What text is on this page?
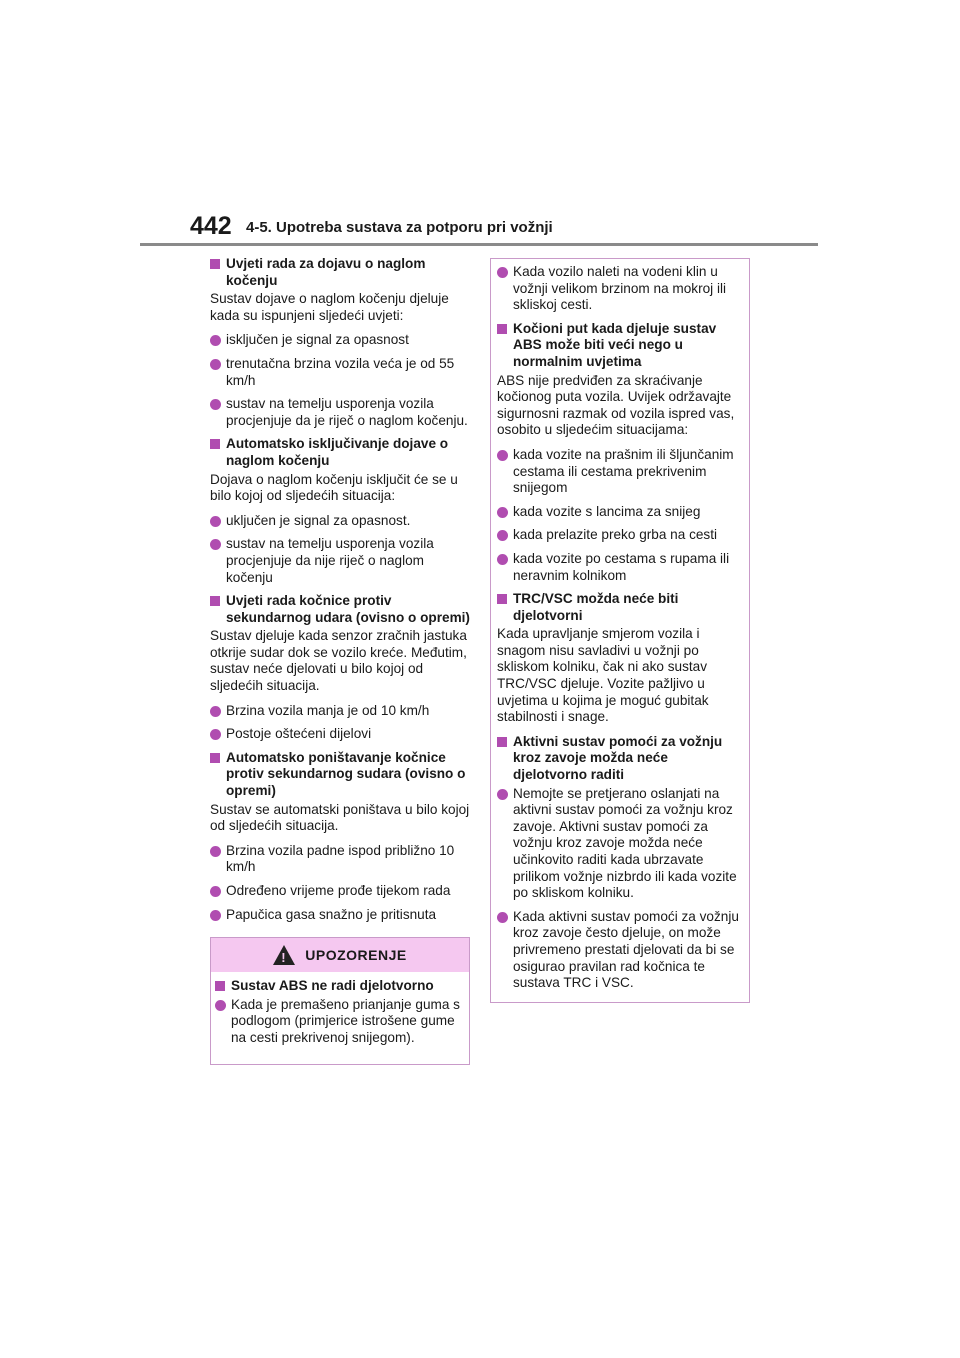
442 4-5. Upotreba sustava za potporu pri vožnji
Uvjeti rada za dojavu o naglom kočenju
Sustav dojave o naglom kočenju djeluje kada su ispunjeni sljedeći uvjeti:
isključen je signal za opasnost
trenutačna brzina vozila veća je od 55 km/h
sustav na temelju usporenja vozila procjenjuje da je riječ o naglom kočenju.
Automatsko isključivanje dojave o naglom kočenju
Dojava o naglom kočenju isključit će se u bilo kojoj od sljedećih situacija:
uključen je signal za opasnost.
sustav na temelju usporenja vozila procjenjuje da nije riječ o naglom kočenju
Uvjeti rada kočnice protiv sekundarnog udara (ovisno o opremi)
Sustav djeluje kada senzor zračnih jastuka otkrije sudar dok se vozilo kreće. Međutim, sustav neće djelovati u bilo kojoj od sljedećih situacija.
Brzina vozila manja je od 10 km/h
Postoje oštećeni dijelovi
Automatsko poništavanje kočnice protiv sekundarnog sudara (ovisno o opremi)
Sustav se automatski poništava u bilo kojoj od sljedećih situacija.
Brzina vozila padne ispod približno 10 km/h
Određeno vrijeme prođe tijekom rada
Papučica gasa snažno je pritisnuta
!
UPOZORENJE
Sustav ABS ne radi djelotvorno
Kada je premašeno prianjanje guma s podlogom (primjerice istrošene gume na cesti prekrivenoj snijegom).
Kada vozilo naleti na vodeni klin u vožnji velikom brzinom na mokroj ili skliskoj cesti.
Kočioni put kada djeluje sustav ABS može biti veći nego u normalnim uvjetima
ABS nije predviđen za skraćivanje kočionog puta vozila. Uvijek održavajte sigurnosni razmak od vozila ispred vas, osobito u sljedećim situacijama:
kada vozite na prašnim ili šljunčanim cestama ili cestama prekrivenim snijegom
kada vozite s lancima za snijeg
kada prelazite preko grba na cesti
kada vozite po cestama s rupama ili neravnim kolnikom
TRC/VSC možda neće biti djelotvorni
Kada upravljanje smjerom vozila i snagom nisu savladivi u vožnji po skliskom kolniku, čak ni ako sustav TRC/VSC djeluje. Vozite pažljivo u uvjetima u kojima je moguć gubitak stabilnosti i snage.
Aktivni sustav pomoći za vožnju kroz zavoje možda neće djelotvorno raditi
Nemojte se pretjerano oslanjati na aktivni sustav pomoći za vožnju kroz zavoje. Aktivni sustav pomoći za vožnju kroz zavoje možda neće učinkovito raditi kada ubrzavate prilikom vožnje nizbrdo ili kada vozite po skliskom kolniku.
Kada aktivni sustav pomoći za vožnju kroz zavoje često djeluje, on može privremeno prestati djelovati da bi se osigurao pravilan rad kočnica te sustava TRC i VSC.
